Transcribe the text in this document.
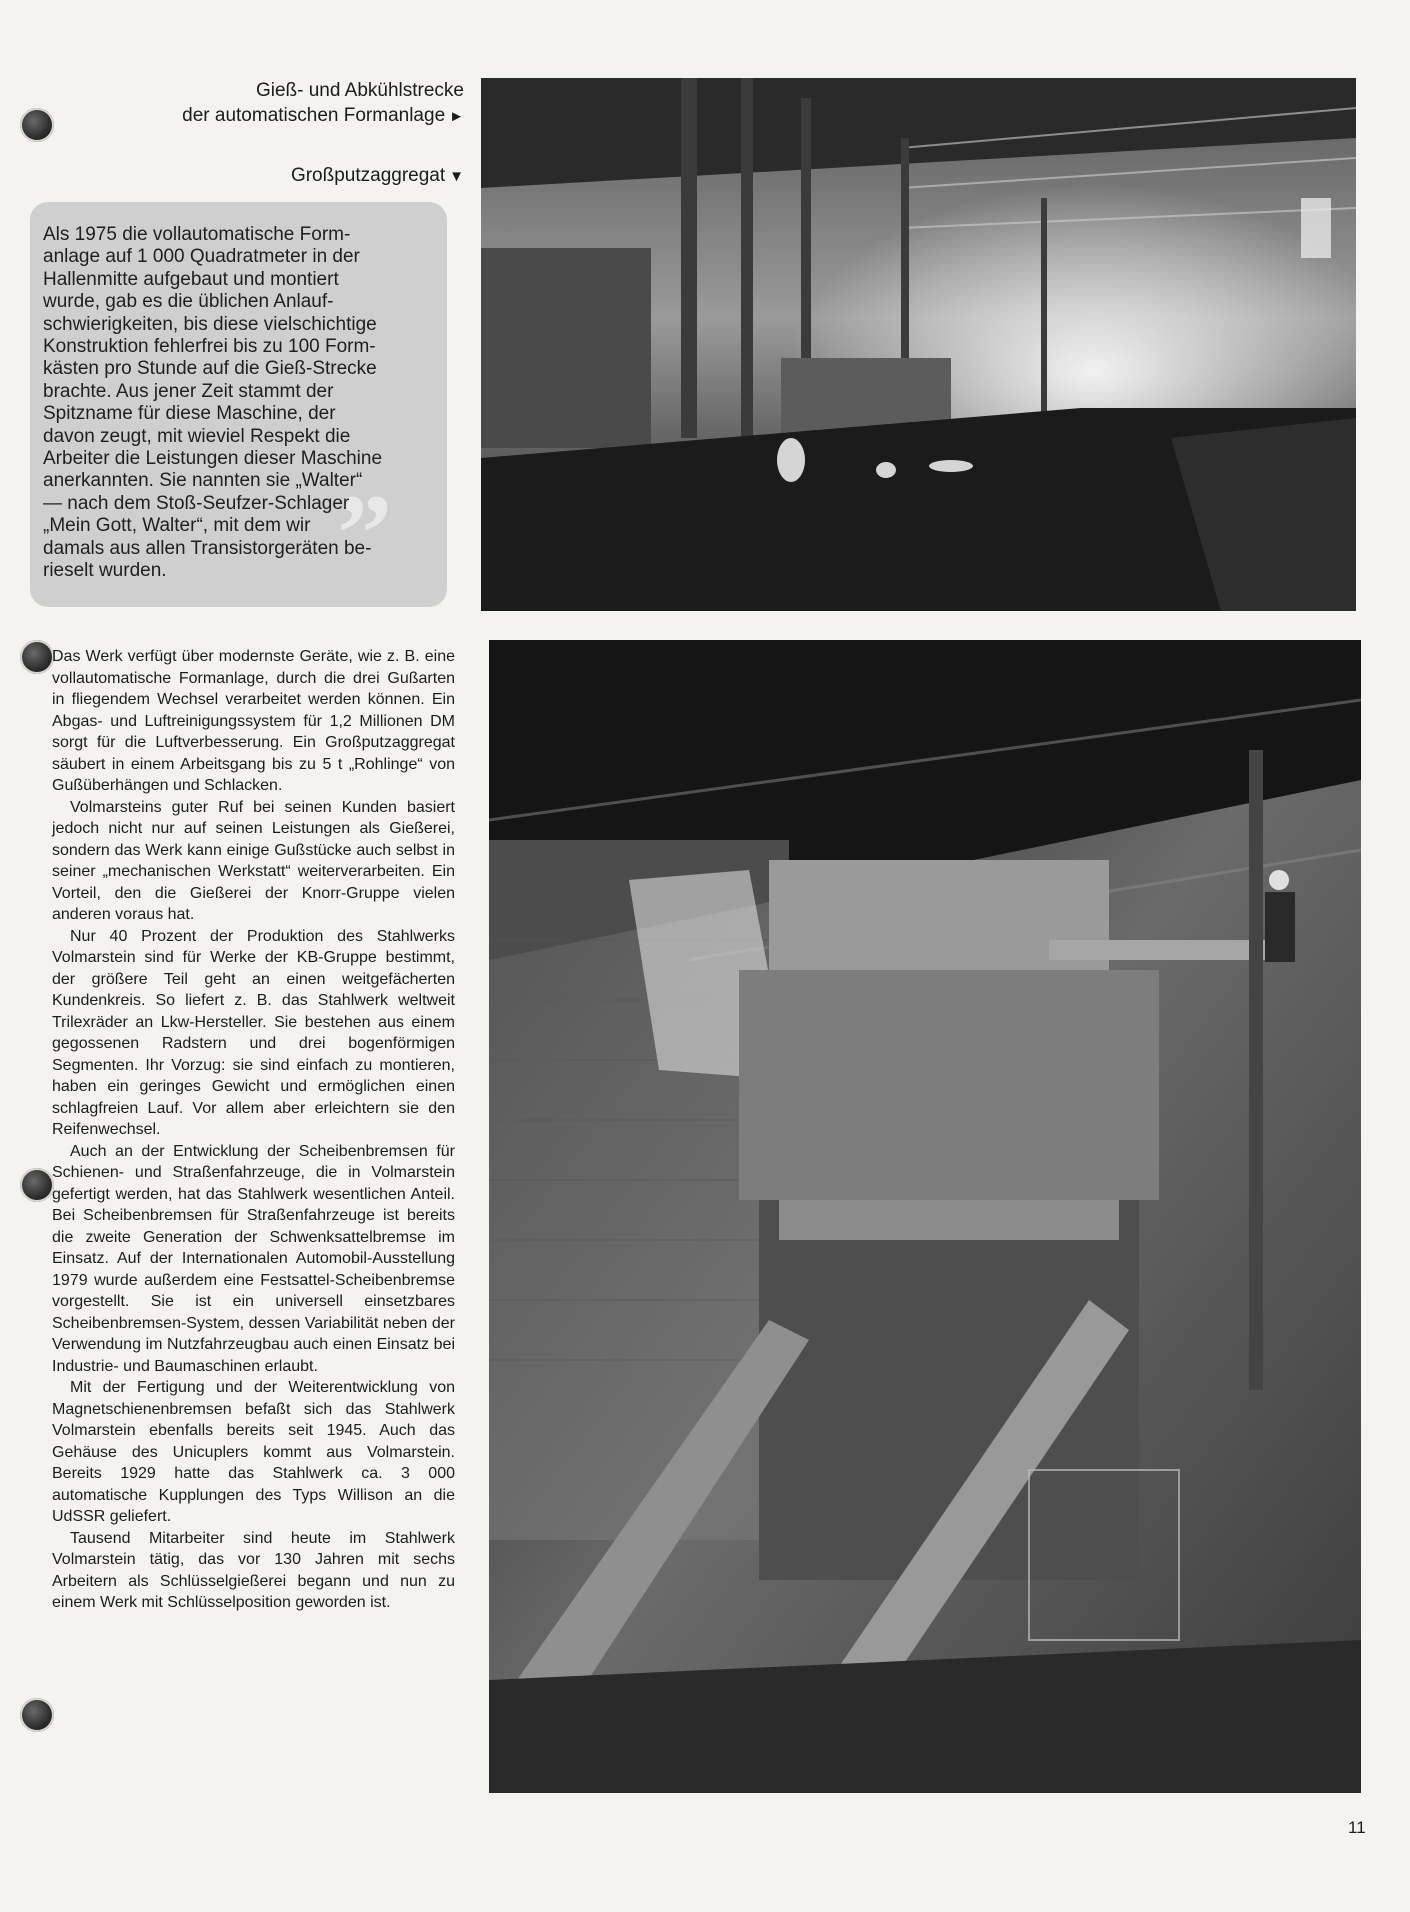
Gieß- und Abkühlstrecke
der automatischen Formanlage ►
Großputzaggregat ▼
Als 1975 die vollautomatische Form-
anlage auf 1 000 Quadratmeter in der
Hallenmitte aufgebaut und montiert
wurde, gab es die üblichen Anlauf-
schwierigkeiten, bis diese vielschichtige
Konstruktion fehlerfrei bis zu 100 Form-
kästen pro Stunde auf die Gieß-Strecke
brachte. Aus jener Zeit stammt der
Spitzname für diese Maschine, der
davon zeugt, mit wieviel Respekt die
Arbeiter die Leistungen dieser Maschine
anerkannten. Sie nannten sie „Walter“
— nach dem Stoß-Seufzer-Schlager
„Mein Gott, Walter“, mit dem wir
damals aus allen Transistorgeräten be-
rieselt wurden.	”

Das Werk verfügt über modernste Geräte, wie z. B. eine vollautomatische Formanlage, durch die drei Gußarten in fliegendem Wechsel verarbeitet werden können. Ein Abgas- und Luftreinigungssystem für 1,2 Millionen DM sorgt für die Luftverbesserung. Ein Großputzaggregat säubert in einem Arbeitsgang bis zu 5 t „Rohlinge“ von Gußüberhängen und Schlacken.

Volmarsteins guter Ruf bei seinen Kunden basiert jedoch nicht nur auf seinen Leistungen als Gießerei, sondern das Werk kann einige Gußstücke auch selbst in seiner „mechanischen Werkstatt“ weiterverarbeiten. Ein Vorteil, den die Gießerei der Knorr-Gruppe vielen anderen voraus hat.

Nur 40 Prozent der Produktion des Stahlwerks Volmarstein sind für Werke der KB-Gruppe bestimmt, der größere Teil geht an einen weitgefächerten Kundenkreis. So liefert z. B. das Stahlwerk weltweit Trilexräder an Lkw-Hersteller. Sie bestehen aus einem gegossenen Radstern und drei bogenförmigen Segmenten. Ihr Vorzug: sie sind einfach zu montieren, haben ein geringes Gewicht und ermöglichen einen schlagfreien Lauf. Vor allem aber erleichtern sie den Reifenwechsel.

Auch an der Entwicklung der Scheibenbremsen für Schienen- und Straßenfahrzeuge, die in Volmarstein gefertigt werden, hat das Stahlwerk wesentlichen Anteil. Bei Scheibenbremsen für Straßenfahrzeuge ist bereits die zweite Generation der Schwenksattelbremse im Einsatz. Auf der Internationalen Automobil-Ausstellung 1979 wurde außerdem eine Festsattel-Scheibenbremse vorgestellt. Sie ist ein universell einsetzbares Scheibenbremsen-System, dessen Variabilität neben der Verwendung im Nutzfahrzeugbau auch einen Einsatz bei Industrie- und Baumaschinen erlaubt.

Mit der Fertigung und der Weiterentwicklung von Magnetschienenbremsen befaßt sich das Stahlwerk Volmarstein ebenfalls bereits seit 1945. Auch das Gehäuse des Unicuplers kommt aus Volmarstein. Bereits 1929 hatte das Stahlwerk ca. 3 000 automatische Kupplungen des Typs Willison an die UdSSR geliefert.

Tausend Mitarbeiter sind heute im Stahlwerk Volmarstein tätig, das vor 130 Jahren mit sechs Arbeitern als Schlüsselgießerei begann und nun zu einem Werk mit Schlüsselposition geworden ist.

11
